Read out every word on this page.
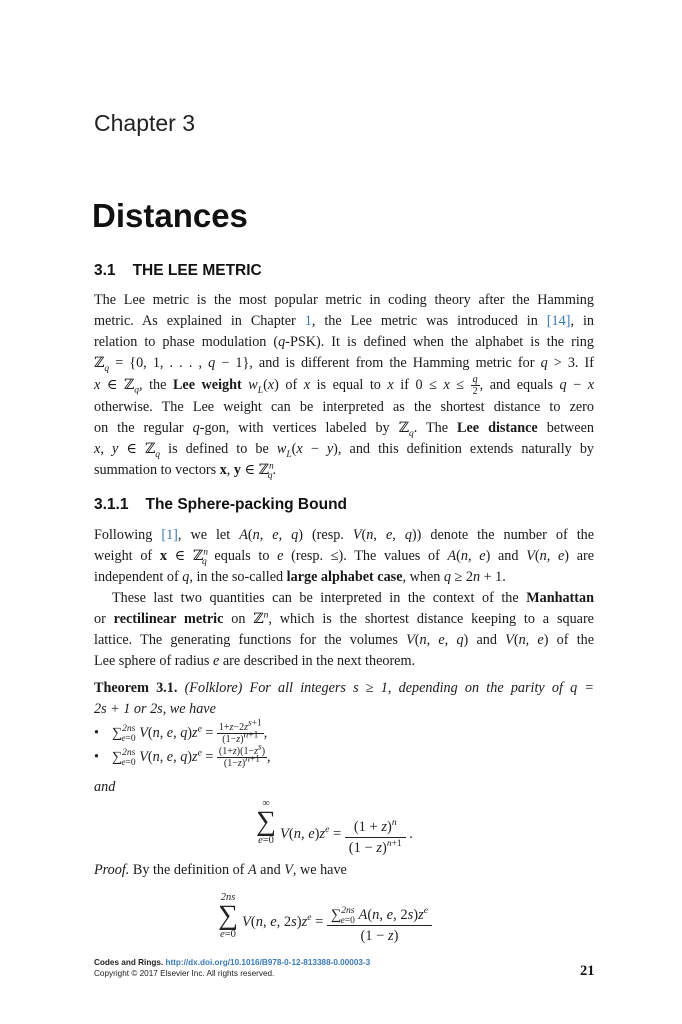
Chapter 3
Distances
3.1 THE LEE METRIC
The Lee metric is the most popular metric in coding theory after the Hamming
metric. As explained in Chapter 1, the Lee metric was introduced in [14], in
relation to phase modulation (q-PSK). It is defined when the alphabet is the ring
ℤ$_q$ = {0, 1, . . . , q − 1}, and is different from the Hamming metric for q > 3. If
x ∈ ℤ$_q$, the Lee weight $w_L(x)$ of x is equal to x if $0 \le x \le \frac{q}{2}$ , and equals q − x
otherwise. The Lee weight can be interpreted as the shortest distance to zero
on the regular q-gon, with vertices labeled by ℤ$_q$. The Lee distance between
x, y ∈ ℤ$_q$ is defined to be $w_L(x - y)$, and this definition extends naturally by
summation to vectors x, y ∈ ℤ$^n_q$.
3.1.1 The Sphere-packing Bound
Following [1], we let A(n, e, q) (resp. V(n, e, q)) denote the number of the
weight of x ∈ ℤ$^n_q$ equals to e (resp. ≤). The values of A(n, e) and V(n, e) are
independent of q, in the so-called large alphabet case, when q ≥ 2n + 1.
These last two quantities can be interpreted in the context of the Manhattan
or rectilinear metric on ℤ$^n$, which is the shortest distance keeping to a square
lattice. The generating functions for the volumes V(n, e, q) and V(n, e) of the
Lee sphere of radius e are described in the next theorem.
Theorem 3.1. (Folklore) For all integers s ≥ 1, depending on the parity of q =
2s + 1 or 2s, we have
• ∑$^{2ns}_{e=0}$ V(n, e, $q)z^e = \frac{1+z-2z^{s+1}}{(1-z)^{n+1}}$ ,
• ∑$^{2ns}_{e=0}$ V(n, e, $q)z^e = \frac{(1+z)(1-z^s)}{(1-z)^{n+1}}$ ,
and
∞
∑
e=0 V(n, $e)z^e = \frac{(1 + z)^n}{(1 - z)^{n+1}}$ .
Proof. By the definition of A and V, we have
2ns
∑
e=0
V(n, e, $2s)z^e = \sum^{2ns}_{e=0}$ A(n, e, $2s)z^e$
(1 − z)
Codes and Rings. http://dx.doi.org/10.1016/B978-0-12-813388-0.00003-3
Copyright © 2017 Elsevier Inc. All rights reserved.	21
